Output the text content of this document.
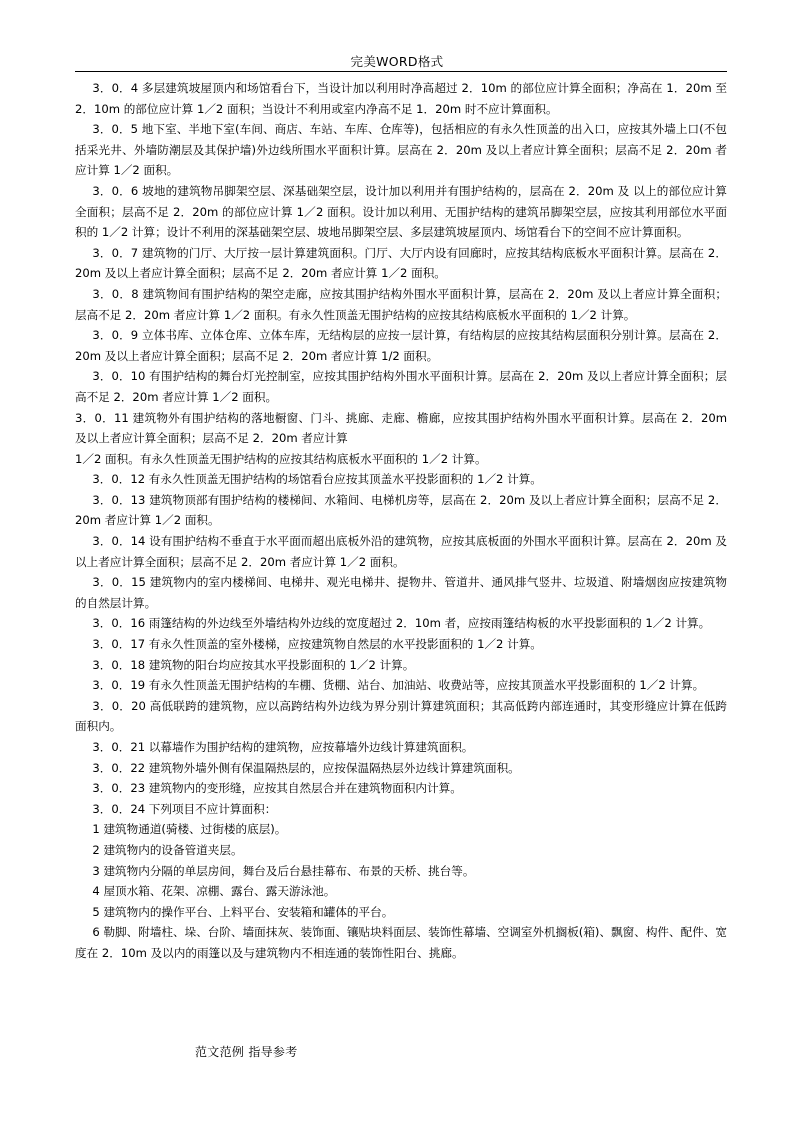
完美WORD格式

3．0．4 多层建筑坡屋顶内和场馆看台下，当设计加以利用时净高超过 2．10m 的部位应计算全面积；净高在 1．20m 至 2．10m 的部位应计算 1／2 面积；当设计不利用或室内净高不足 1．20m 时不应计算面积。

3．0．5 地下室、半地下室(车间、商店、车站、车库、仓库等)，包括相应的有永久性顶盖的出入口，应按其外墙上口(不包括采光井、外墙防潮层及其保护墙)外边线所围水平面积计算。层高在 2．20m 及以上者应计算全面积；层高不足 2．20m 者应计算 1／2 面积。

3．0．6 坡地的建筑物吊脚架空层、深基础架空层，设计加以利用并有围护结构的，层高在 2．20m 及 以上的部位应计算全面积；层高不足 2．20m 的部位应计算 1／2 面积。设计加以利用、无围护结构的建筑吊脚架空层，应按其利用部位水平面积的 1／2 计算；设计不利用的深基础架空层、坡地吊脚架空层、多层建筑坡屋顶内、场馆看台下的空间不应计算面积。

3．0．7 建筑物的门厅、大厅按一层计算建筑面积。门厅、大厅内设有回廊时，应按其结构底板水平面积计算。层高在 2．20m 及以上者应计算全面积；层高不足 2．20m 者应计算 1／2 面积。

3．0．8 建筑物间有围护结构的架空走廊，应按其围护结构外围水平面积计算，层高在 2．20m 及以上者应计算全面积；层高不足 2．20m 者应计算 1／2 面积。有永久性顶盖无围护结构的应按其结构底板水平面积的 1／2 计算。

3．0．9 立体书库、立体仓库、立体车库，无结构层的应按一层计算，有结构层的应按其结构层面积分别计算。层高在 2．20m 及以上者应计算全面积；层高不足 2．20m 者应计算 1/2 面积。

3．0．10 有围护结构的舞台灯光控制室，应按其围护结构外围水平面积计算。层高在 2．20m 及以上者应计算全面积；层高不足 2．20m 者应计算 1／2 面积。

3．0．11 建筑物外有围护结构的落地橱窗、门斗、挑廊、走廊、檐廊，应按其围护结构外围水平面积计算。层高在 2．20m 及以上者应计算全面积；层高不足 2．20m 者应计算

1／2 面积。有永久性顶盖无围护结构的应按其结构底板水平面积的 1／2 计算。

3．0．12 有永久性顶盖无围护结构的场馆看台应按其顶盖水平投影面积的 1／2 计算。

3．0．13 建筑物顶部有围护结构的楼梯间、水箱间、电梯机房等，层高在 2．20m 及以上者应计算全面积；层高不足 2．20m 者应计算 1／2 面积。

3．0．14 设有围护结构不垂直于水平面而超出底板外沿的建筑物，应按其底板面的外围水平面积计算。层高在 2．20m 及以上者应计算全面积；层高不足 2．20m 者应计算 1／2 面积。

3．0．15 建筑物内的室内楼梯间、电梯井、观光电梯井、提物井、管道井、通风排气竖井、垃圾道、附墙烟囱应按建筑物的自然层计算。

3．0．16 雨篷结构的外边线至外墙结构外边线的宽度超过 2．10m 者，应按雨篷结构板的水平投影面积的 1／2 计算。

3．0．17 有永久性顶盖的室外楼梯，应按建筑物自然层的水平投影面积的 1／2 计算。

3．0．18 建筑物的阳台均应按其水平投影面积的 1／2 计算。

3．0．19 有永久性顶盖无围护结构的车棚、货棚、站台、加油站、收费站等，应按其顶盖水平投影面积的 1／2 计算。

3．0．20 高低联跨的建筑物，应以高跨结构外边线为界分别计算建筑面积；其高低跨内部连通时，其变形缝应计算在低跨面积内。

3．0．21 以幕墙作为围护结构的建筑物，应按幕墙外边线计算建筑面积。

3．0．22 建筑物外墙外侧有保温隔热层的，应按保温隔热层外边线计算建筑面积。

3．0．23 建筑物内的变形缝，应按其自然层合并在建筑物面积内计算。

3．0．24 下列项目不应计算面积：

1 建筑物通道(骑楼、过街楼的底层)。

2 建筑物内的设备管道夹层。

3 建筑物内分隔的单层房间，舞台及后台悬挂幕布、布景的天桥、挑台等。

4 屋顶水箱、花架、凉棚、露台、露天游泳池。

5 建筑物内的操作平台、上料平台、安装箱和罐体的平台。

6 勒脚、附墙柱、垛、台阶、墙面抹灰、装饰面、镶贴块料面层、装饰性幕墙、空调室外机搁板(箱)、飘窗、构件、配件、宽度在 2．10m 及以内的雨篷以及与建筑物内不相连通的装饰性阳台、挑廊。

范文范例 指导参考
